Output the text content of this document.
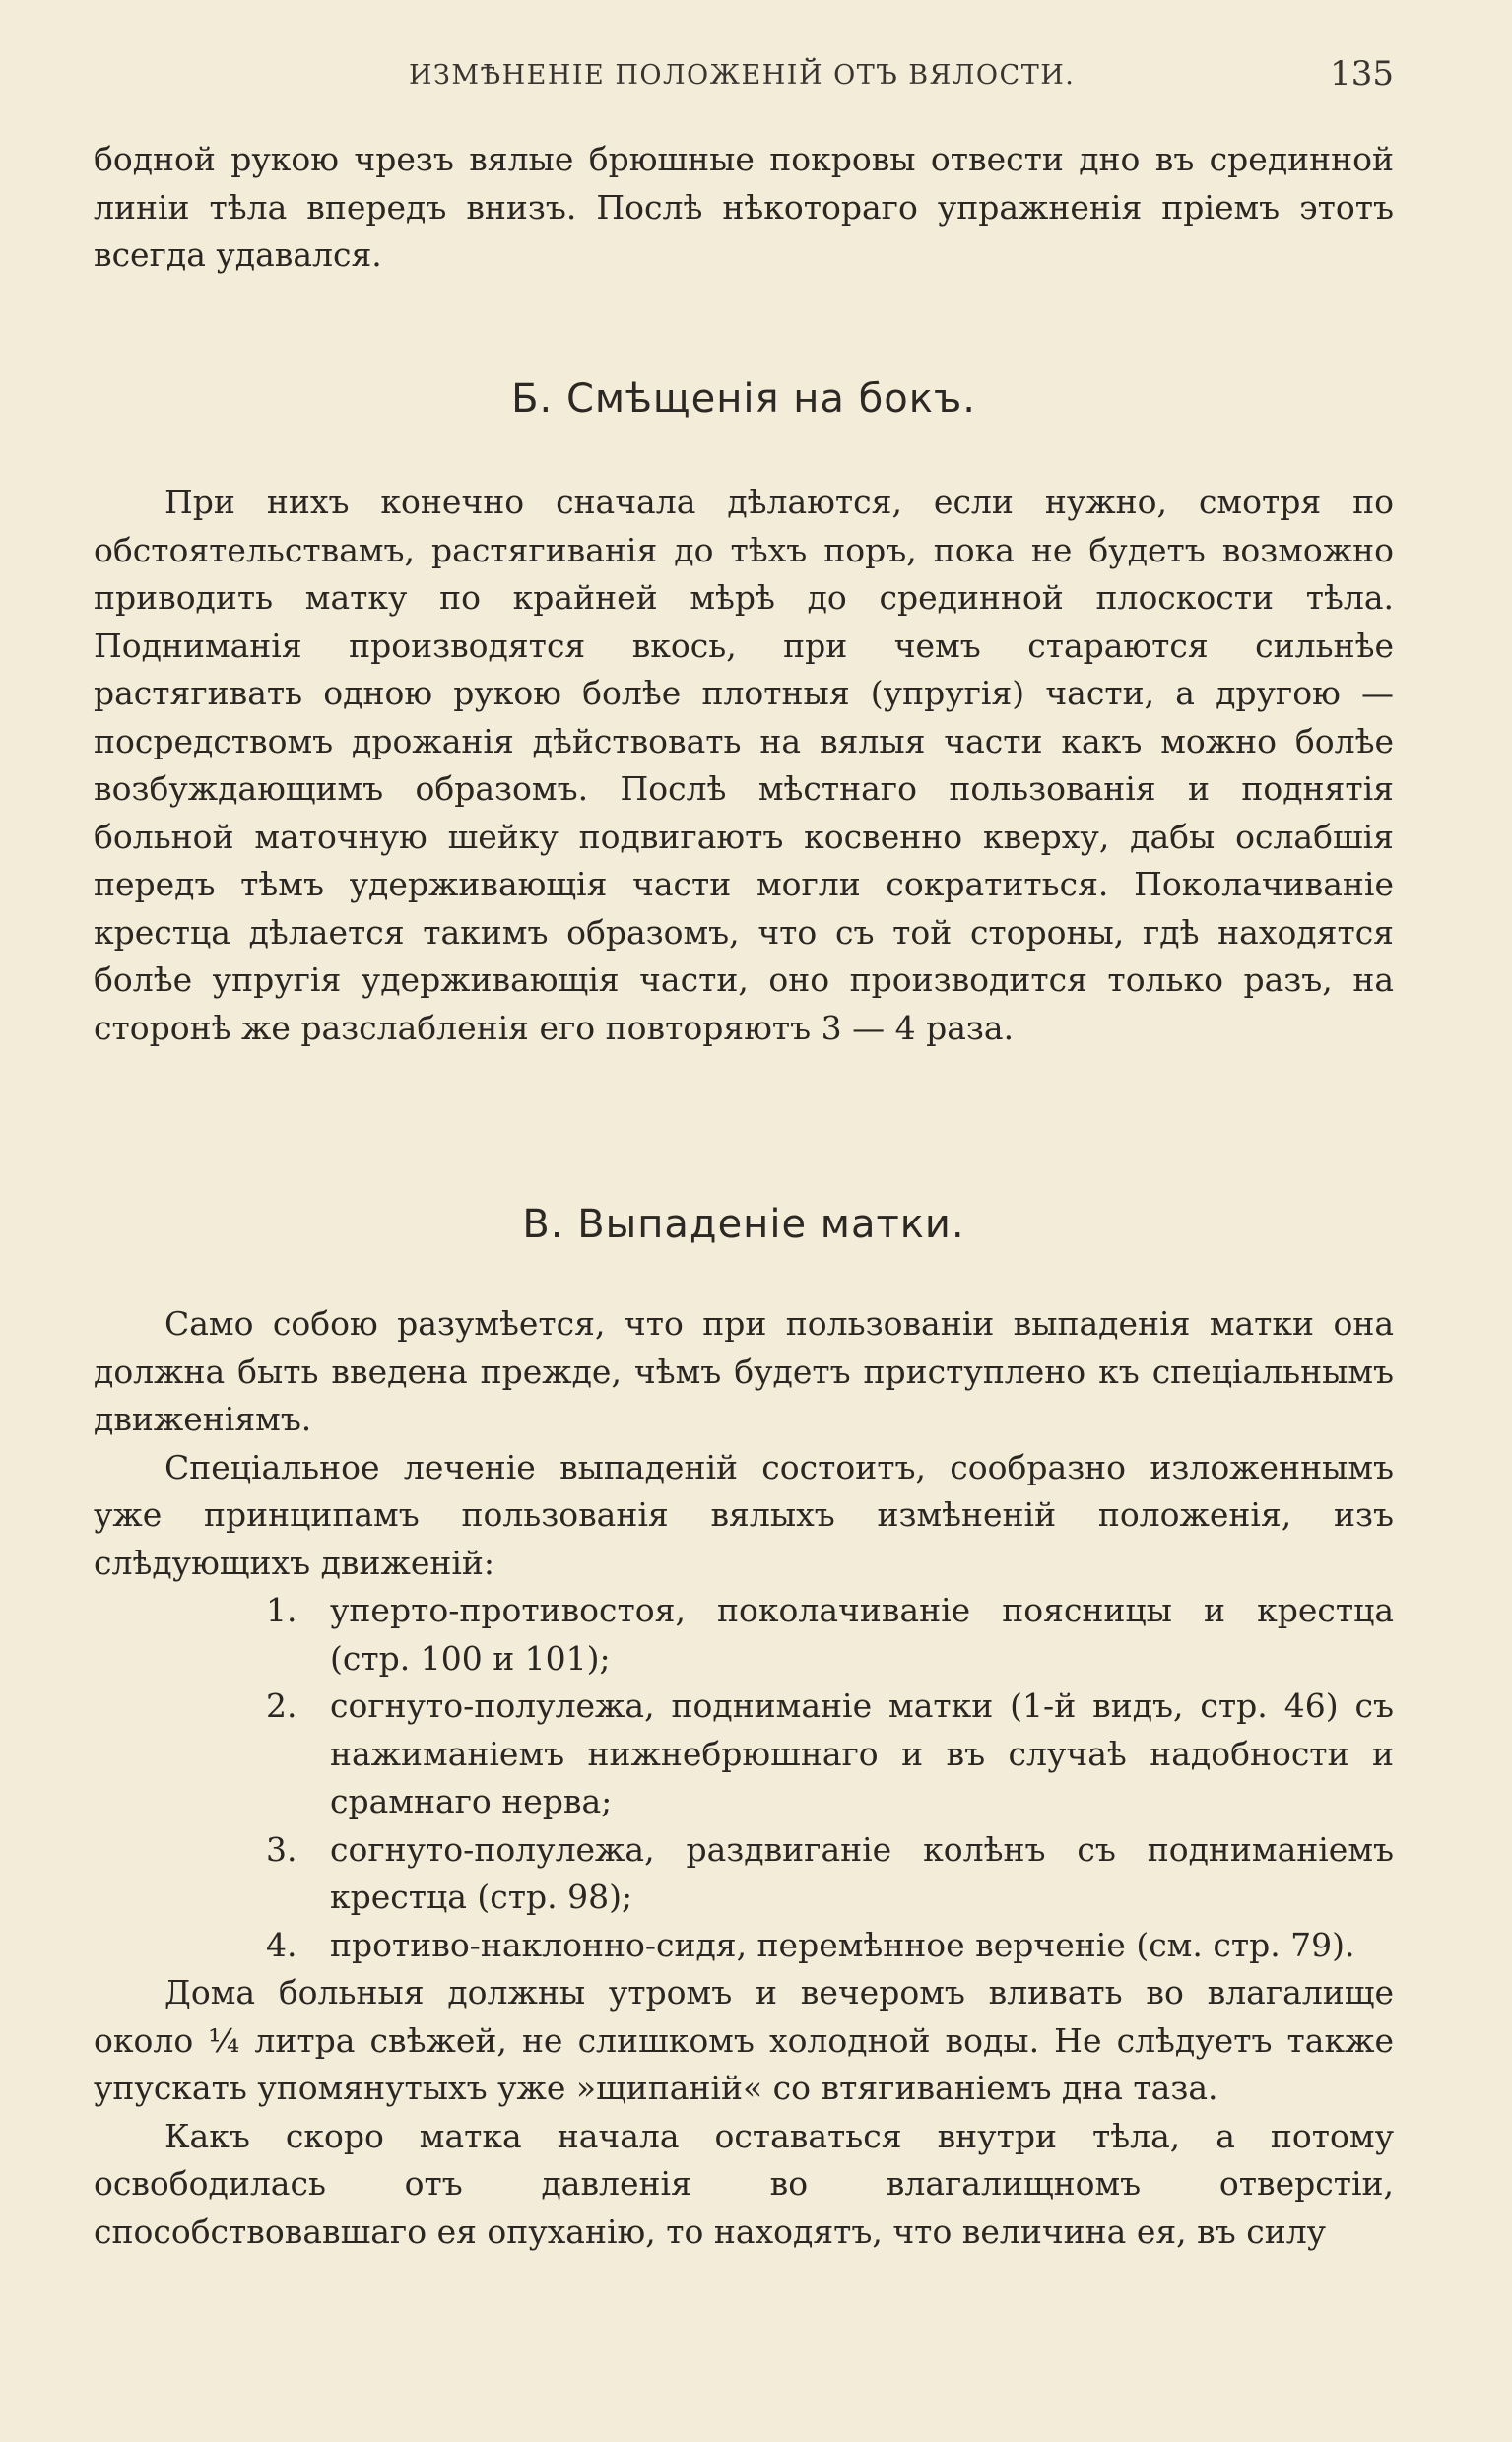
ИЗМѢНЕНІЕ ПОЛОЖЕНІЙ ОТЪ ВЯЛОСТИ.	135

бодной рукою чрезъ вялые брюшные покровы отвести дно въ срединной линіи тѣла впередъ внизъ. Послѣ нѣкотораго упражненія пріемъ этотъ всегда удавался.

Б. Смѣщенія на бокъ.

При нихъ конечно сначала дѣлаются, если нужно, смотря по обстоятельствамъ, растягиванія до тѣхъ поръ, пока не будетъ возможно приводить матку по крайней мѣрѣ до срединной плоскости тѣла. Подниманія производятся вкось, при чемъ стараются сильнѣе растягивать одною рукою болѣе плотныя (упругія) части, а другою — посредствомъ дрожанія дѣйствовать на вялыя части какъ можно болѣе возбуждающимъ образомъ. Послѣ мѣстнаго пользованія и поднятія больной маточную шейку подвигаютъ косвенно кверху, дабы ослабшія передъ тѣмъ удерживающія части могли сократиться. Поколачиваніе крестца дѣлается такимъ образомъ, что съ той стороны, гдѣ находятся болѣе упругія удерживающія части, оно производится только разъ, на сторонѣ же разслабленія его повторяютъ 3 — 4 раза.

В. Выпаденіе матки.

Само собою разумѣется, что при пользованіи выпаденія матки она должна быть введена прежде, чѣмъ будетъ приступлено къ спеціальнымъ движеніямъ.

Спеціальное леченіе выпаденій состоитъ, сообразно изложеннымъ уже принципамъ пользованія вялыхъ измѣненій положенія, изъ слѣдующихъ движеній:

1. уперто-противостоя, поколачиваніе поясницы и крестца (стр. 100 и 101);
2. согнуто-полулежа, подниманіе матки (1-й видъ, стр. 46) съ нажиманіемъ нижнебрюшнаго и въ случаѣ надобности и срамнаго нерва;
3. согнуто-полулежа, раздвиганіе колѣнъ съ подниманіемъ крестца (стр. 98);
4. противо-наклонно-сидя, перемѣнное верченіе (см. стр. 79).

Дома больныя должны утромъ и вечеромъ вливать во влагалище около ¼ литра свѣжей, не слишкомъ холодной воды. Не слѣдуетъ также упускать упомянутыхъ уже »щипаній« со втягиваніемъ дна таза.

Какъ скоро матка начала оставаться внутри тѣла, а потому освободилась отъ давленія во влагалищномъ отверстіи, способствовавшаго ея опуханію, то находятъ, что величина ея, въ силу
